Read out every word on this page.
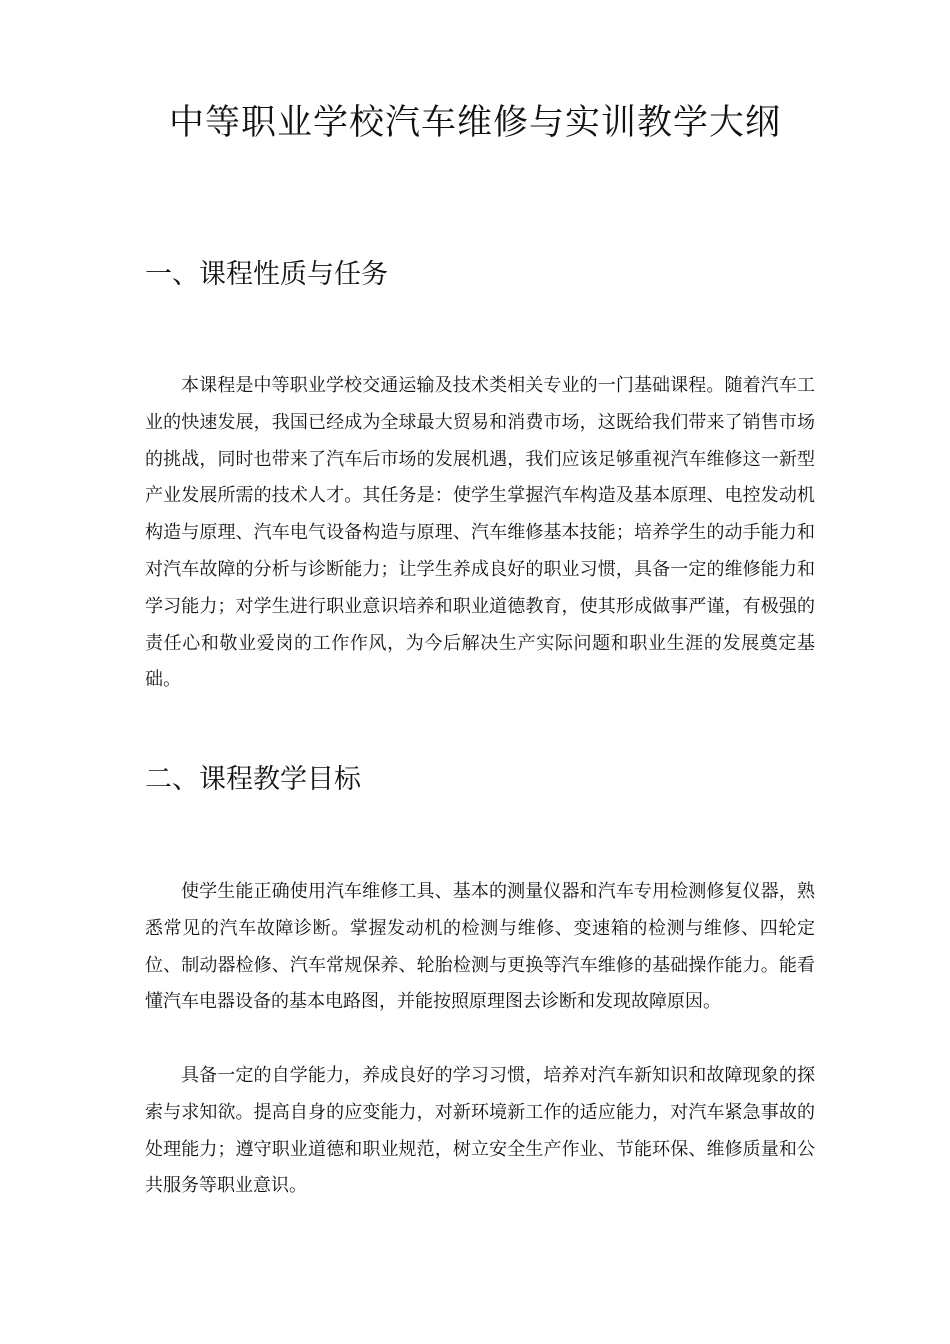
中等职业学校汽车维修与实训教学大纲
一、课程性质与任务

本课程是中等职业学校交通运输及技术类相关专业的一门基础课程。随着汽车工业的快速发展，我国已经成为全球最大贸易和消费市场，这既给我们带来了销售市场的挑战，同时也带来了汽车后市场的发展机遇，我们应该足够重视汽车维修这一新型产业发展所需的技术人才。其任务是：使学生掌握汽车构造及基本原理、电控发动机构造与原理、汽车电气设备构造与原理、汽车维修基本技能；培养学生的动手能力和对汽车故障的分析与诊断能力；让学生养成良好的职业习惯，具备一定的维修能力和学习能力；对学生进行职业意识培养和职业道德教育，使其形成做事严谨，有极强的责任心和敬业爱岗的工作作风，为今后解决生产实际问题和职业生涯的发展奠定基础。

二、课程教学目标

使学生能正确使用汽车维修工具、基本的测量仪器和汽车专用检测修复仪器，熟悉常见的汽车故障诊断。掌握发动机的检测与维修、变速箱的检测与维修、四轮定位、制动器检修、汽车常规保养、轮胎检测与更换等汽车维修的基础操作能力。能看懂汽车电器设备的基本电路图，并能按照原理图去诊断和发现故障原因。

具备一定的自学能力，养成良好的学习习惯，培养对汽车新知识和故障现象的探索与求知欲。提高自身的应变能力，对新环境新工作的适应能力，对汽车紧急事故的处理能力；遵守职业道德和职业规范，树立安全生产作业、节能环保、维修质量和公共服务等职业意识。
